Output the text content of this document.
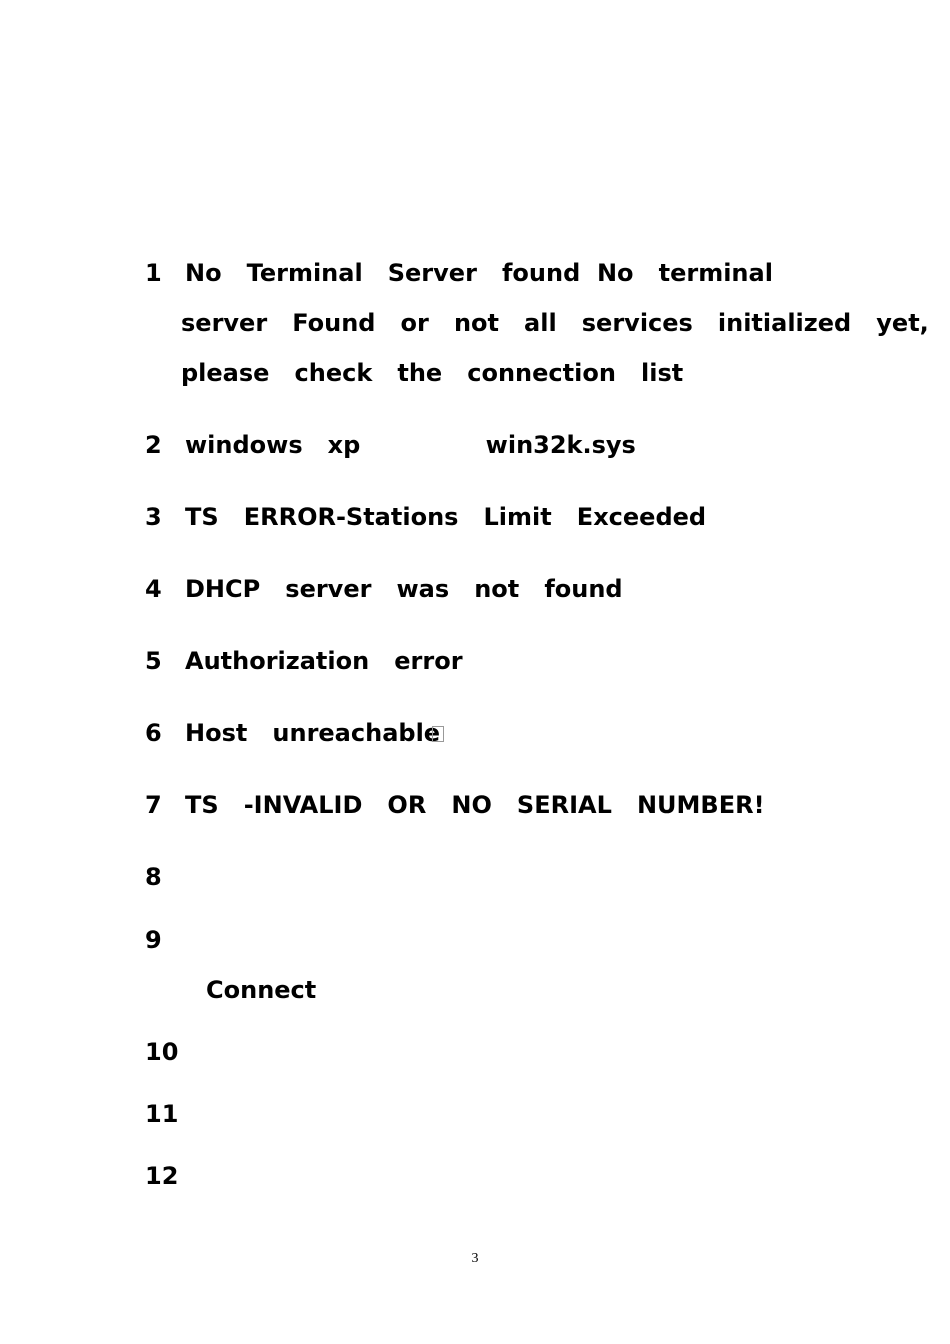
1 No   Terminal   Server   found  No   terminal
server   Found   or   not   all   services   initialized   yet,
please   check   the   connection   list
2 windows   xp               win32k.sys
3 TS   ERROR-Stations   Limit   Exceeded
4 DHCP   server   was   not   found
5 Authorization   error
6 Host   unreachable
7 TS   -INVALID   OR   NO   SERIAL   NUMBER!
8
9
Connect
10
11
12
3
